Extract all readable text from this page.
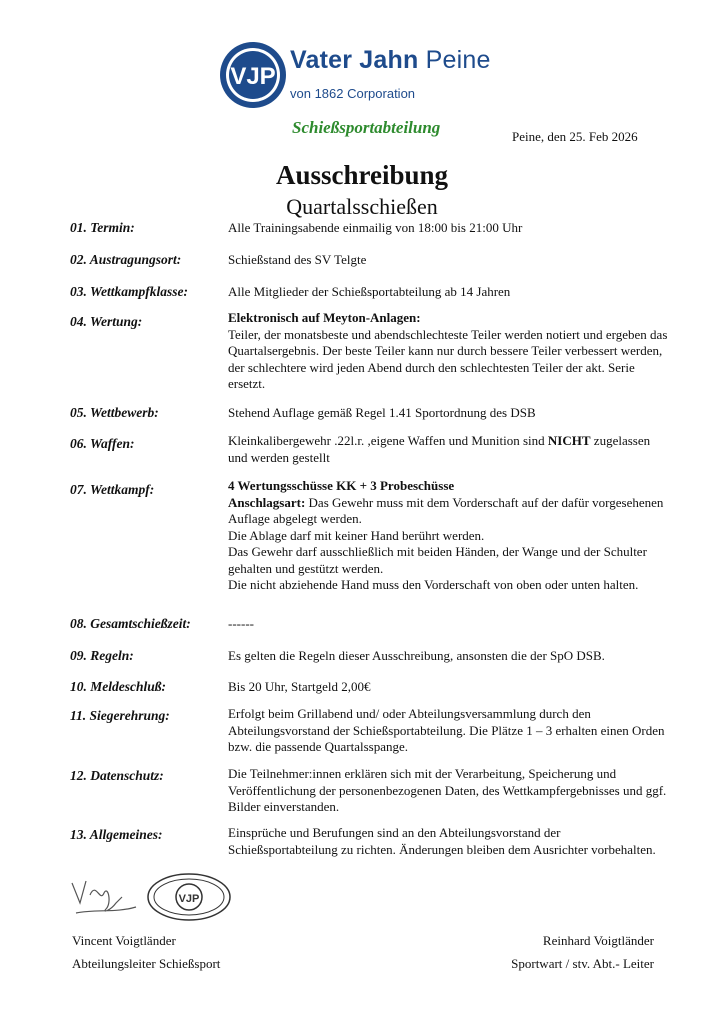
VJP
Vater Jahn Peine
von 1862 Corporation
Schießsportabteilung	Peine, den 25. Feb 2026
Ausschreibung
Quartalsschießen
01. Termin:	Alle Trainingsabende einmailig von 18:00 bis 21:00 Uhr

02. Austragungsort:	Schießstand des SV Telgte

03. Wettkampfklasse:	Alle Mitglieder der Schießsportabteilung ab 14 Jahren

04. Wertung:	Elektronisch auf Meyton-Anlagen:

Teiler, der monatsbeste und abendschlechteste Teiler werden notiert und ergeben das Quartalsergebnis. Der beste Teiler kann nur durch bessere Teiler verbessert werden, der schlechtere wird jeden Abend durch den schlechtesten Teiler der akt. Serie ersetzt.

05. Wettbewerb:	Stehend Auflage gemäß Regel 1.41 Sportordnung des DSB

06. Waffen:	Kleinkalibergewehr .22l.r. ,eigene Waffen und Munition sind NICHT zugelassen und werden gestellt

07. Wettkampf:	4 Wertungsschüsse KK + 3 Probeschüsse

Anschlagsart: Das Gewehr muss mit dem Vorderschaft auf der dafür vorgesehenen Auflage abgelegt werden.

Die Ablage darf mit keiner Hand berührt werden.

Das Gewehr darf ausschließlich mit beiden Händen, der Wange und der Schulter gehalten und gestützt werden.

Die nicht abziehende Hand muss den Vorderschaft von oben oder unten halten.

08. Gesamtschießzeit:	------

09. Regeln:	Es gelten die Regeln dieser Ausschreibung, ansonsten die der SpO DSB.

10. Meldeschluß:	Bis 20 Uhr, Startgeld 2,00€

11. Siegerehrung:	Erfolgt beim Grillabend und/ oder Abteilungsversammlung durch den Abteilungsvorstand der Schießsportabteilung. Die Plätze 1 – 3 erhalten einen Orden bzw. die passende Quartalsspange.

12. Datenschutz:	Die Teilnehmer:innen erklären sich mit der Verarbeitung, Speicherung und Veröffentlichung der personenbezogenen Daten, des Wettkampfergebnisses und ggf. Bilder einverstanden.

13. Allgemeines:	Einsprüche und Berufungen sind an den Abteilungsvorstand der Schießsportabteilung zu richten. Änderungen bleiben dem Ausrichter vorbehalten.

VJP
Vincent Voigtländer
Abteilungsleiter Schießsport
Reinhard Voigtländer
Sportwart / stv. Abt.- Leiter
